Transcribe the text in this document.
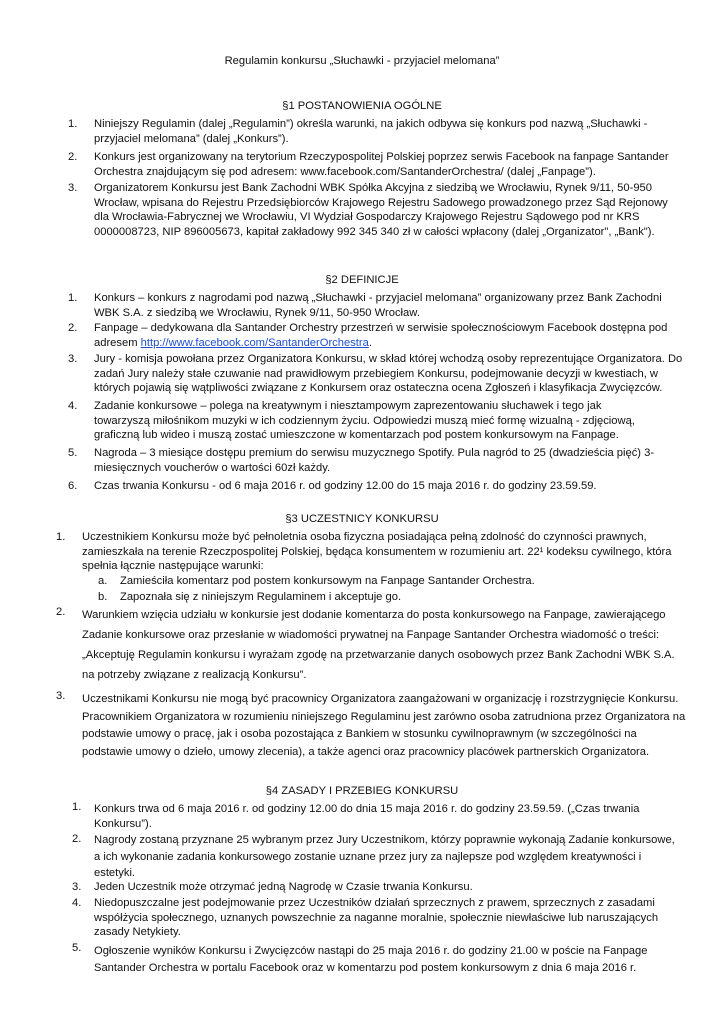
Regulamin konkursu „Słuchawki - przyjaciel melomana”
§1 POSTANOWIENIA OGÓLNE
1. Niniejszy Regulamin (dalej „Regulamin”) określa warunki, na jakich odbywa się konkurs pod nazwą „Słuchawki -
przyjaciel melomana” (dalej „Konkurs”).
2. Konkurs jest organizowany na terytorium Rzeczypospolitej Polskiej poprzez serwis Facebook na fanpage Santander
Orchestra znajdującym się pod adresem: www.facebook.com/SantanderOrchestra/ (dalej „Fanpage”).
3. Organizatorem Konkursu jest Bank Zachodni WBK Spółka Akcyjna z siedzibą we Wrocławiu, Rynek 9/11, 50-950
Wrocław, wpisana do Rejestru Przedsiębiorców Krajowego Rejestru Sadowego prowadzonego przez Sąd Rejonowy
dla Wrocławia-Fabrycznej we Wrocławiu, VI Wydział Gospodarczy Krajowego Rejestru Sądowego pod nr KRS
0000008723, NIP 896005673, kapitał zakładowy 992 345 340 zł w całości wpłacony (dalej „Organizator", „Bank").
§2 DEFINICJE
1. Konkurs – konkurs z nagrodami pod nazwą „Słuchawki - przyjaciel melomana” organizowany przez Bank Zachodni
WBK S.A. z siedzibą we Wrocławiu, Rynek 9/11, 50-950 Wrocław.
2. Fanpage – dedykowana dla Santander Orchestry przestrzeń w serwisie społecznościowym Facebook dostępna pod
adresem http://www.facebook.com/SantanderOrchestra.
3. Jury - komisja powołana przez Organizatora Konkursu, w skład której wchodzą osoby reprezentujące Organizatora. Do
zadań Jury należy stałe czuwanie nad prawidłowym przebiegiem Konkursu, podejmowanie decyzji w kwestiach, w
których pojawią się wątpliwości związane z Konkursem oraz ostateczna ocena Zgłoszeń i klasyfikacja Zwycięzców.
4. Zadanie konkursowe – polega na kreatywnym i niesztampowym zaprezentowaniu słuchawek i tego jak
towarzyszą miłośnikom muzyki w ich codziennym życiu. Odpowiedzi muszą mieć formę wizualną - zdjęciową,
graficzną lub wideo i muszą zostać umieszczone w komentarzach pod postem konkursowym na Fanpage.
5. Nagroda – 3 miesiące dostępu premium do serwisu muzycznego Spotify. Pula nagród to 25 (dwadzieścia pięć) 3-
miesięcznych voucherów o wartości 60zł każdy.
6. Czas trwania Konkursu - od 6 maja 2016 r. od godziny 12.00 do 15 maja 2016 r. do godziny 23.59.59.
§3 UCZESTNICY KONKURSU
1. Uczestnikiem Konkursu może być pełnoletnia osoba fizyczna posiadająca pełną zdolność do czynności prawnych,
zamieszkała na terenie Rzeczpospolitej Polskiej, będąca konsumentem w rozumieniu art. 22¹ kodeksu cywilnego, która
spełnia łącznie następujące warunki:
a. Zamieściła komentarz pod postem konkursowym na Fanpage Santander Orchestra.
b. Zapoznała się z niniejszym Regulaminem i akceptuje go.
2. Warunkiem wzięcia udziału w konkursie jest dodanie komentarza do posta konkursowego na Fanpage, zawierającego
Zadanie konkursowe oraz przesłanie w wiadomości prywatnej na Fanpage Santander Orchestra wiadomość o treści:
„Akceptuję Regulamin konkursu i wyrażam zgodę na przetwarzanie danych osobowych przez Bank Zachodni WBK S.A.
na potrzeby związane z realizacją Konkursu”.
3. Uczestnikami Konkursu nie mogą być pracownicy Organizatora zaangażowani w organizację i rozstrzygnięcie Konkursu.
Pracownikiem Organizatora w rozumieniu niniejszego Regulaminu jest zarówno osoba zatrudniona przez Organizatora na
podstawie umowy o pracę, jak i osoba pozostająca z Bankiem w stosunku cywilnoprawnym (w szczególności na
podstawie umowy o dzieło, umowy zlecenia), a także agenci oraz pracownicy placówek partnerskich Organizatora.
§4 ZASADY I PRZEBIEG KONKURSU
1. Konkurs trwa od 6 maja 2016 r. od godziny 12.00 do dnia 15 maja 2016 r. do godziny 23.59.59. („Czas trwania
Konkursu”).
2. Nagrody zostaną przyznane 25 wybranym przez Jury Uczestnikom, którzy poprawnie wykonają Zadanie konkursowe,
a ich wykonanie zadania konkursowego zostanie uznane przez jury za najlepsze pod względem kreatywności i
estetyki.
3. Jeden Uczestnik może otrzymać jedną Nagrodę w Czasie trwania Konkursu.
4. Niedopuszczalne jest podejmowanie przez Uczestników działań sprzecznych z prawem, sprzecznych z zasadami
współżycia społecznego, uznanych powszechnie za naganne moralnie, społecznie niewłaściwe lub naruszających
zasady Netykiety.
5. Ogłoszenie wyników Konkursu i Zwycięzców nastąpi do 25 maja 2016 r. do godziny 21.00 w poście na Fanpage
Santander Orchestra w portalu Facebook oraz w komentarzu pod postem konkursowym z dnia 6 maja 2016 r.
